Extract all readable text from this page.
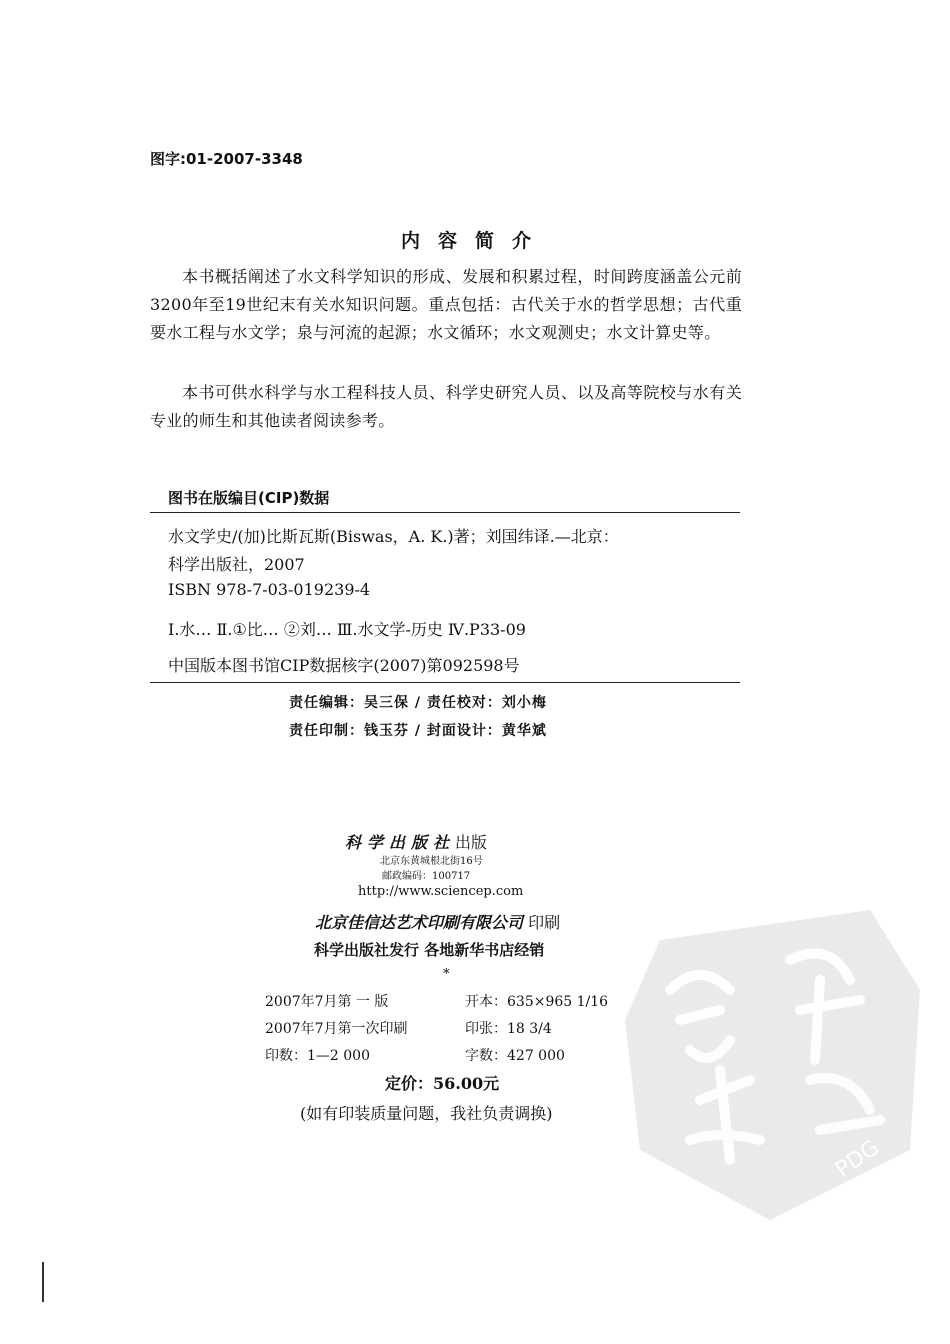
图字:01-2007-3348
内容简介
本书概括阐述了水文科学知识的形成、发展和积累过程，时间跨度涵盖公元前3200年至19世纪末有关水知识问题。重点包括：古代关于水的哲学思想；古代重要水工程与水文学；泉与河流的起源；水文循环；水文观测史；水文计算史等。
本书可供水科学与水工程科技人员、科学史研究人员、以及高等院校与水有关专业的师生和其他读者阅读参考。
图书在版编目(CIP)数据
水文学史/(加)比斯瓦斯(Biswas，A. K.)著；刘国纬译.—北京：
科学出版社，2007
ISBN 978-7-03-019239-4
Ⅰ.水… Ⅱ.①比… ②刘… Ⅲ.水文学-历史 Ⅳ.P33-09
中国版本图书馆CIP数据核字(2007)第092598号
责任编辑：吴三保 / 责任校对：刘小梅
责任印制：钱玉芬 / 封面设计：黄华斌
科学出版社出版
北京东黄城根北街16号
邮政编码：100717
http://www.sciencep.com
北京佳信达艺术印刷有限公司 印刷
科学出版社发行 各地新华书店经销
*
2007年7月第 一 版	开本：635×965 1/16
2007年7月第一次印刷	印张：18 3/4
印数：1—2 000	字数：427 000
定价：56.00元
(如有印装质量问题，我社负责调换)
PDG
